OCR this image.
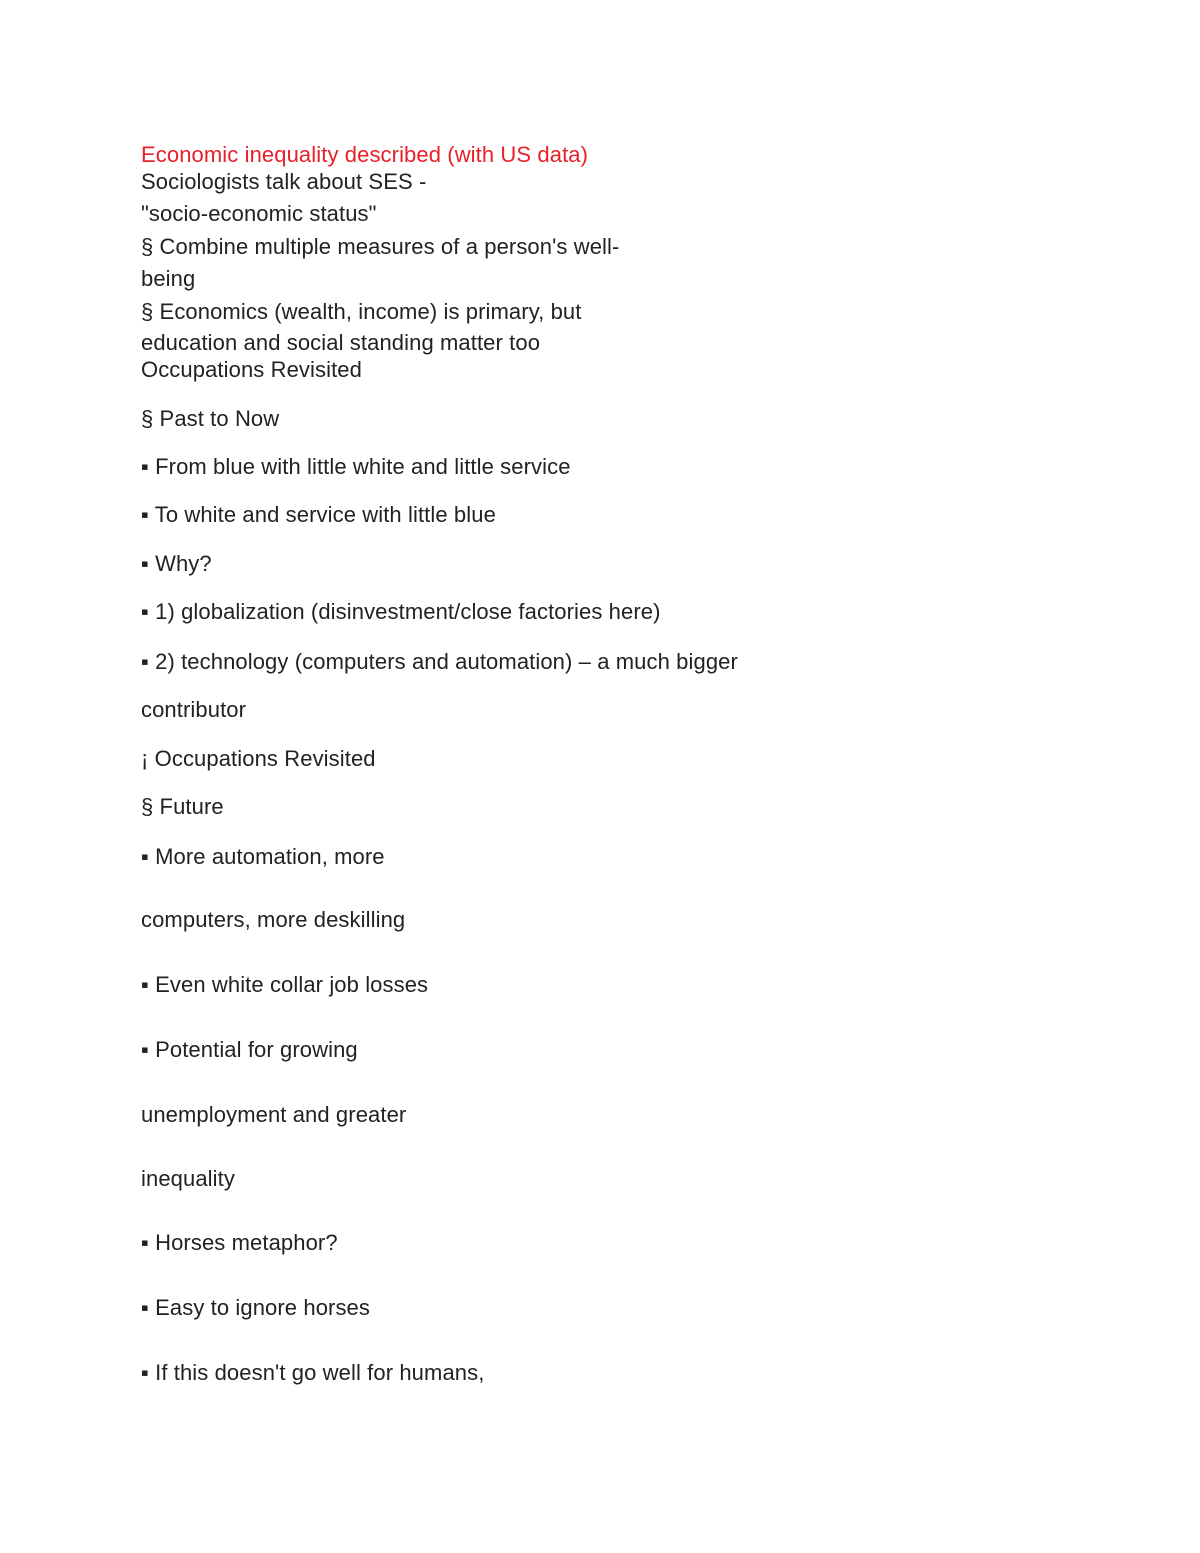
Economic inequality described (with US data)
Sociologists talk about SES -
"socio-economic status"
§ Combine multiple measures of a person's well-
being
§ Economics (wealth, income) is primary, but
education and social standing matter too
Occupations Revisited
§ Past to Now
▪ From blue with little white and little service
▪ To white and service with little blue
▪ Why?
▪ 1) globalization (disinvestment/close factories here)
▪ 2) technology (computers and automation) – a much bigger
contributor
¡ Occupations Revisited
§ Future
▪ More automation, more
computers, more deskilling
▪ Even white collar job losses
▪ Potential for growing
unemployment and greater
inequality
▪ Horses metaphor?
▪ Easy to ignore horses
▪ If this doesn't go well for humans,
